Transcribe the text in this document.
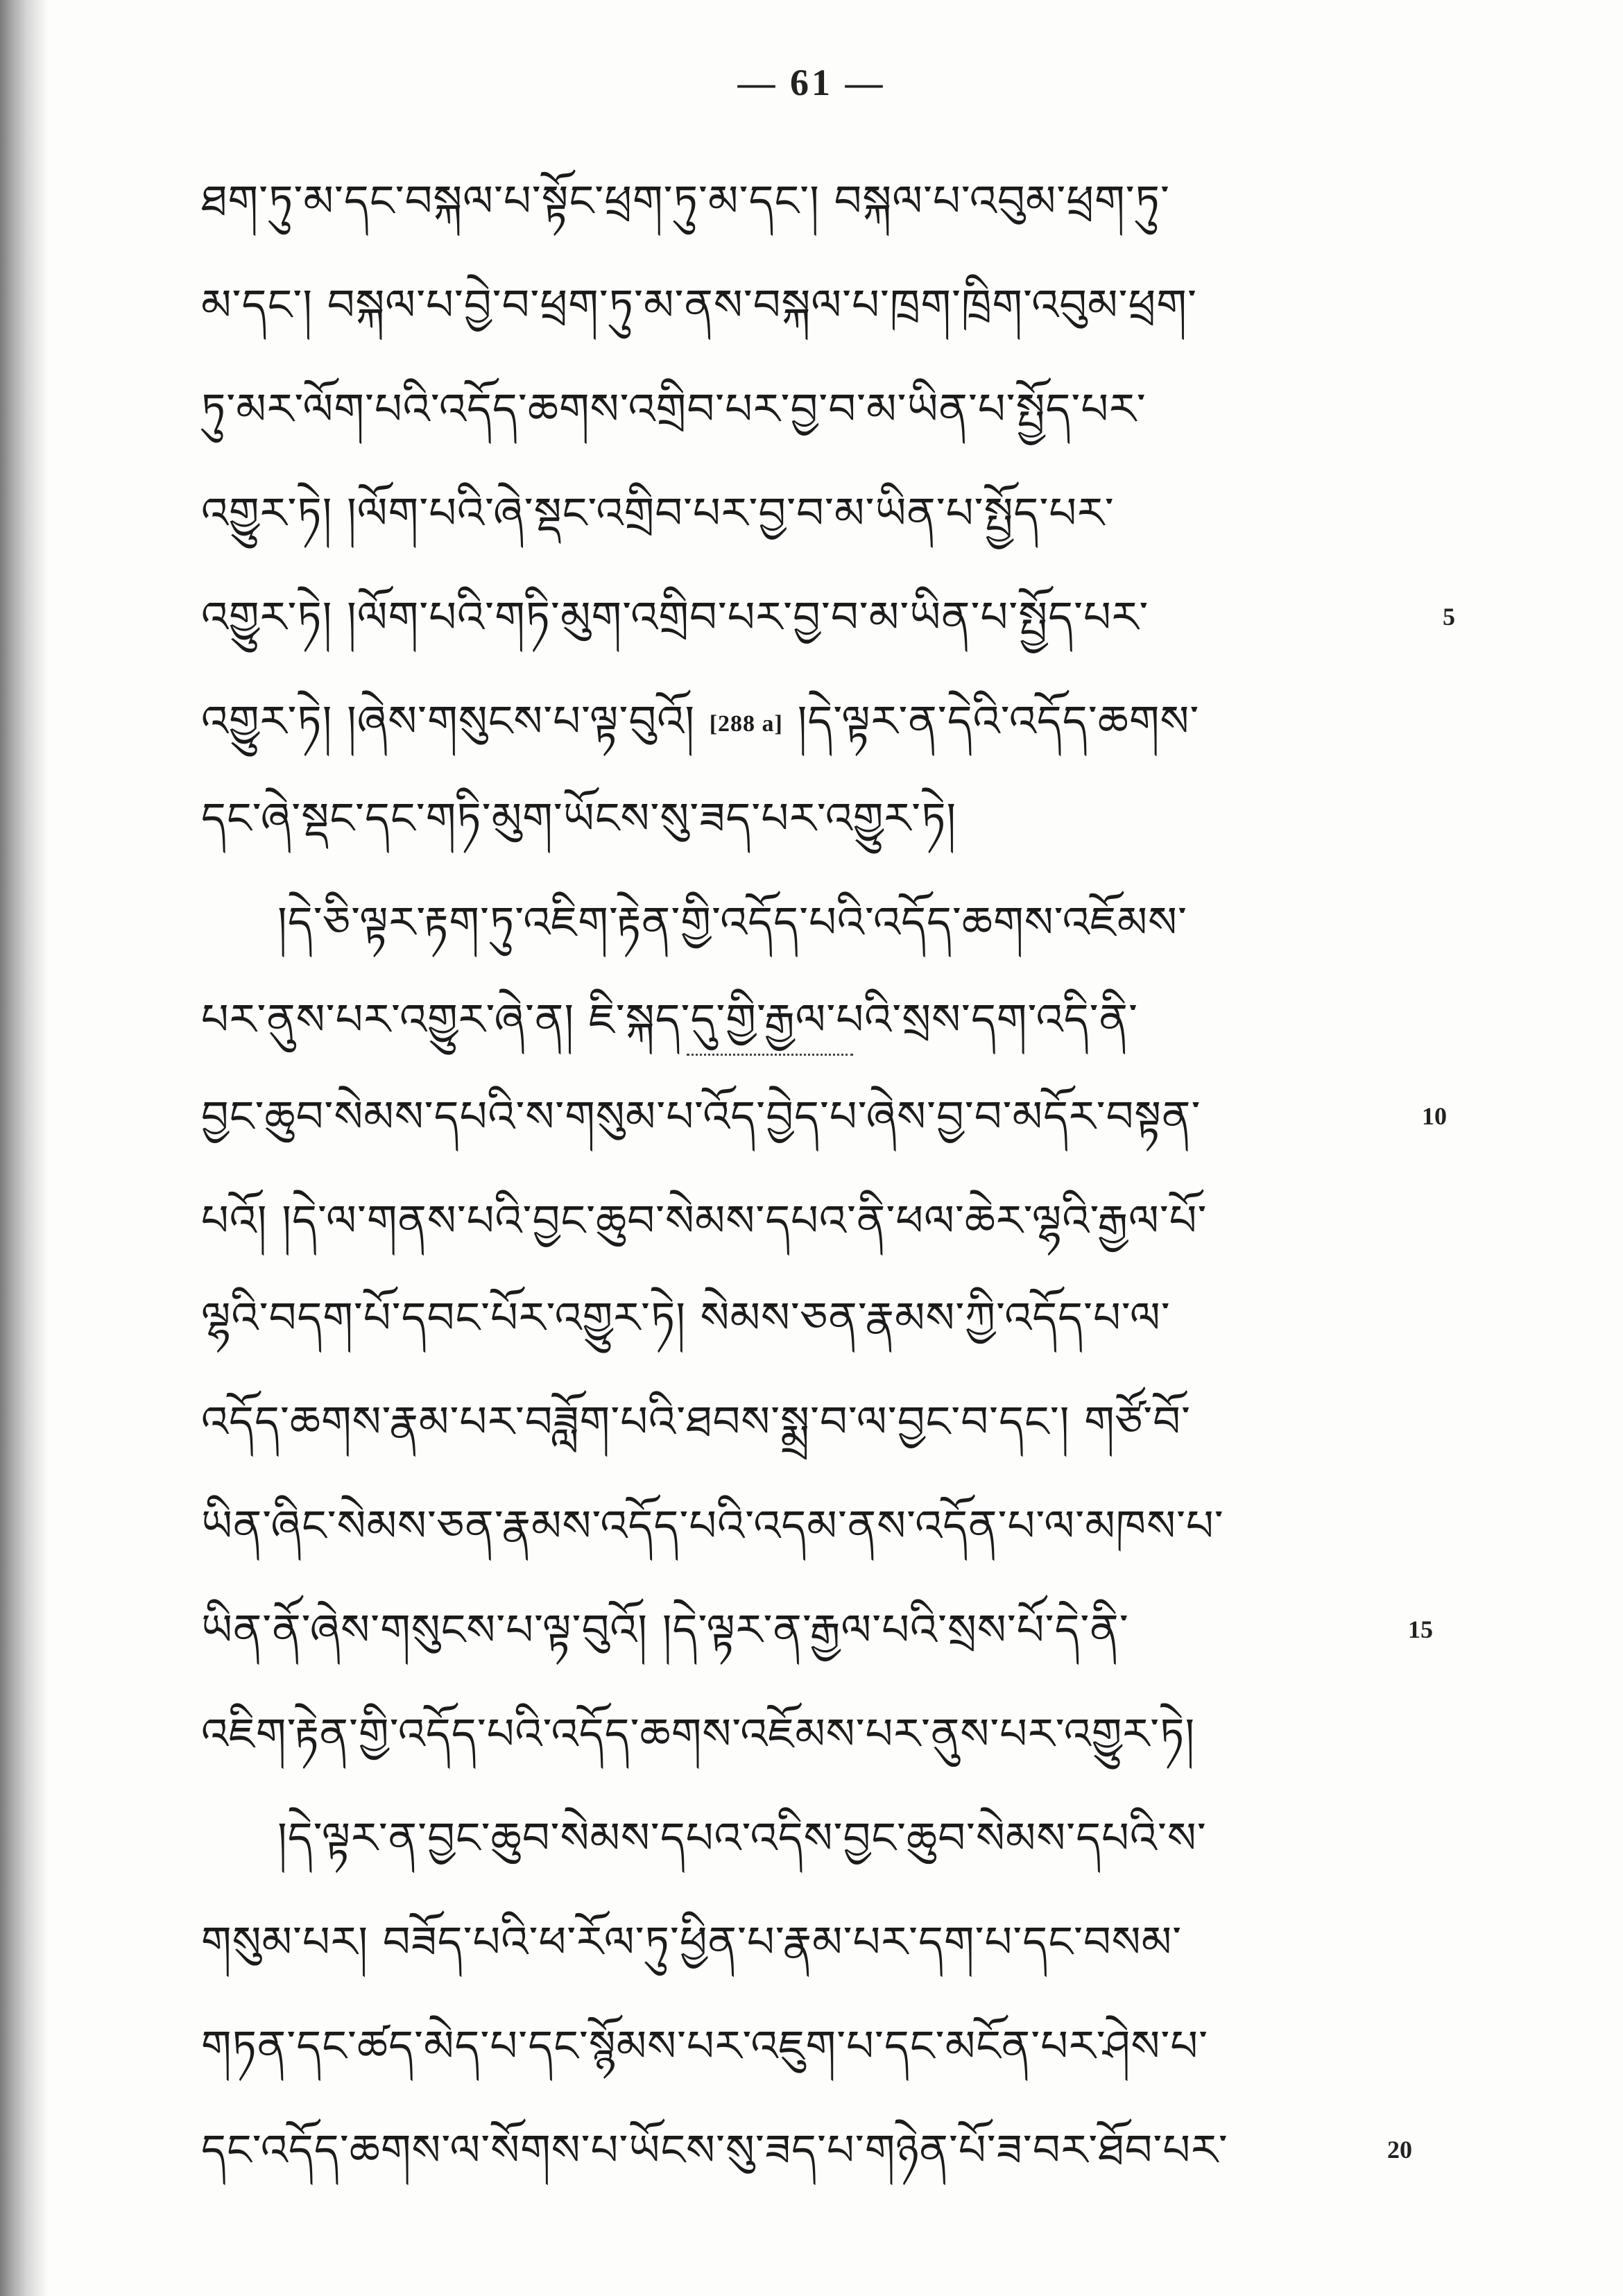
— 61 —
ཐག་ཏུ་མ་དང་བསྐལ་པ་སྟོང་ཕྲག་ཏུ་མ་དང་། བསྐལ་པ་འབུམ་ཕྲག་ཏུ་
མ་དང་། བསྐལ་པ་བྱེ་བ་ཕྲག་ཏུ་མ་ནས་བསྐལ་པ་ཁྲག་ཁྲིག་འབུམ་ཕྲག་
ཏུ་མར་ལོག་པའི་འདོད་ཆགས་འགྲིབ་པར་བྱ་བ་མ་ཡིན་པ་སྤྱོད་པར་
འགྱུར་ཏེ། །ལོག་པའི་ཞེ་སྡང་འགྲིབ་པར་བྱ་བ་མ་ཡིན་པ་སྤྱོད་པར་
འགྱུར་ཏེ། །ལོག་པའི་གཏི་མུག་འགྲིབ་པར་བྱ་བ་མ་ཡིན་པ་སྤྱོད་པར་
འགྱུར་ཏེ། །ཞེས་གསུངས་པ་ལྟ་བུའོ། [288 a] །དེ་ལྟར་ན་དེའི་འདོད་ཆགས་
དང་ཞེ་སྡང་དང་གཏི་མུག་ཡོངས་སུ་ཟད་པར་འགྱུར་ཏེ།
།དེ་ཅི་ལྟར་རྟག་ཏུ་འཇིག་རྟེན་གྱི་འདོད་པའི་འདོད་ཆགས་འཇོམས་
པར་ནུས་པར་འགྱུར་ཞེ་ན། ཇི་སྐད་དུ་གྱི་རྒྱལ་པའི་སྲས་དག་འདི་ནི་
བྱང་ཆུབ་སེམས་དཔའི་ས་གསུམ་པ་འོད་བྱེད་པ་ཞེས་བྱ་བ་མདོར་བསྟན་
པའོ། །དེ་ལ་གནས་པའི་བྱང་ཆུབ་སེམས་དཔའ་ནི་ཕལ་ཆེར་ལྷའི་རྒྱལ་པོ་
ལྷའི་བདག་པོ་དབང་པོར་འགྱུར་ཏེ། སེམས་ཅན་རྣམས་ཀྱི་འདོད་པ་ལ་
འདོད་ཆགས་རྣམ་པར་བཟློག་པའི་ཐབས་སྨྲ་བ་ལ་བྱང་བ་དང་། གཙོ་བོ་
ཡིན་ཞིང་སེམས་ཅན་རྣམས་འདོད་པའི་འདམ་ནས་འདོན་པ་ལ་མཁས་པ་
ཡིན་ནོ་ཞེས་གསུངས་པ་ལྟ་བུའོ། །དེ་ལྟར་ན་རྒྱལ་པའི་སྲས་པོ་དེ་ནི་
འཇིག་རྟེན་གྱི་འདོད་པའི་འདོད་ཆགས་འཇོམས་པར་ནུས་པར་འགྱུར་ཏེ།
།དེ་ལྟར་ན་བྱང་ཆུབ་སེམས་དཔའ་འདིས་བྱང་ཆུབ་སེམས་དཔའི་ས་
གསུམ་པར། བཟོད་པའི་ཕ་རོལ་ཏུ་ཕྱིན་པ་རྣམ་པར་དག་པ་དང་བསམ་
གཏན་དང་ཚད་མེད་པ་དང་སྙོམས་པར་འཇུག་པ་དང་མངོན་པར་ཤེས་པ་
དང་འདོད་ཆགས་ལ་སོགས་པ་ཡོངས་སུ་ཟད་པ་གཉེན་པོ་ཟ་བར་ཐོབ་པར་
5
10
15
20
